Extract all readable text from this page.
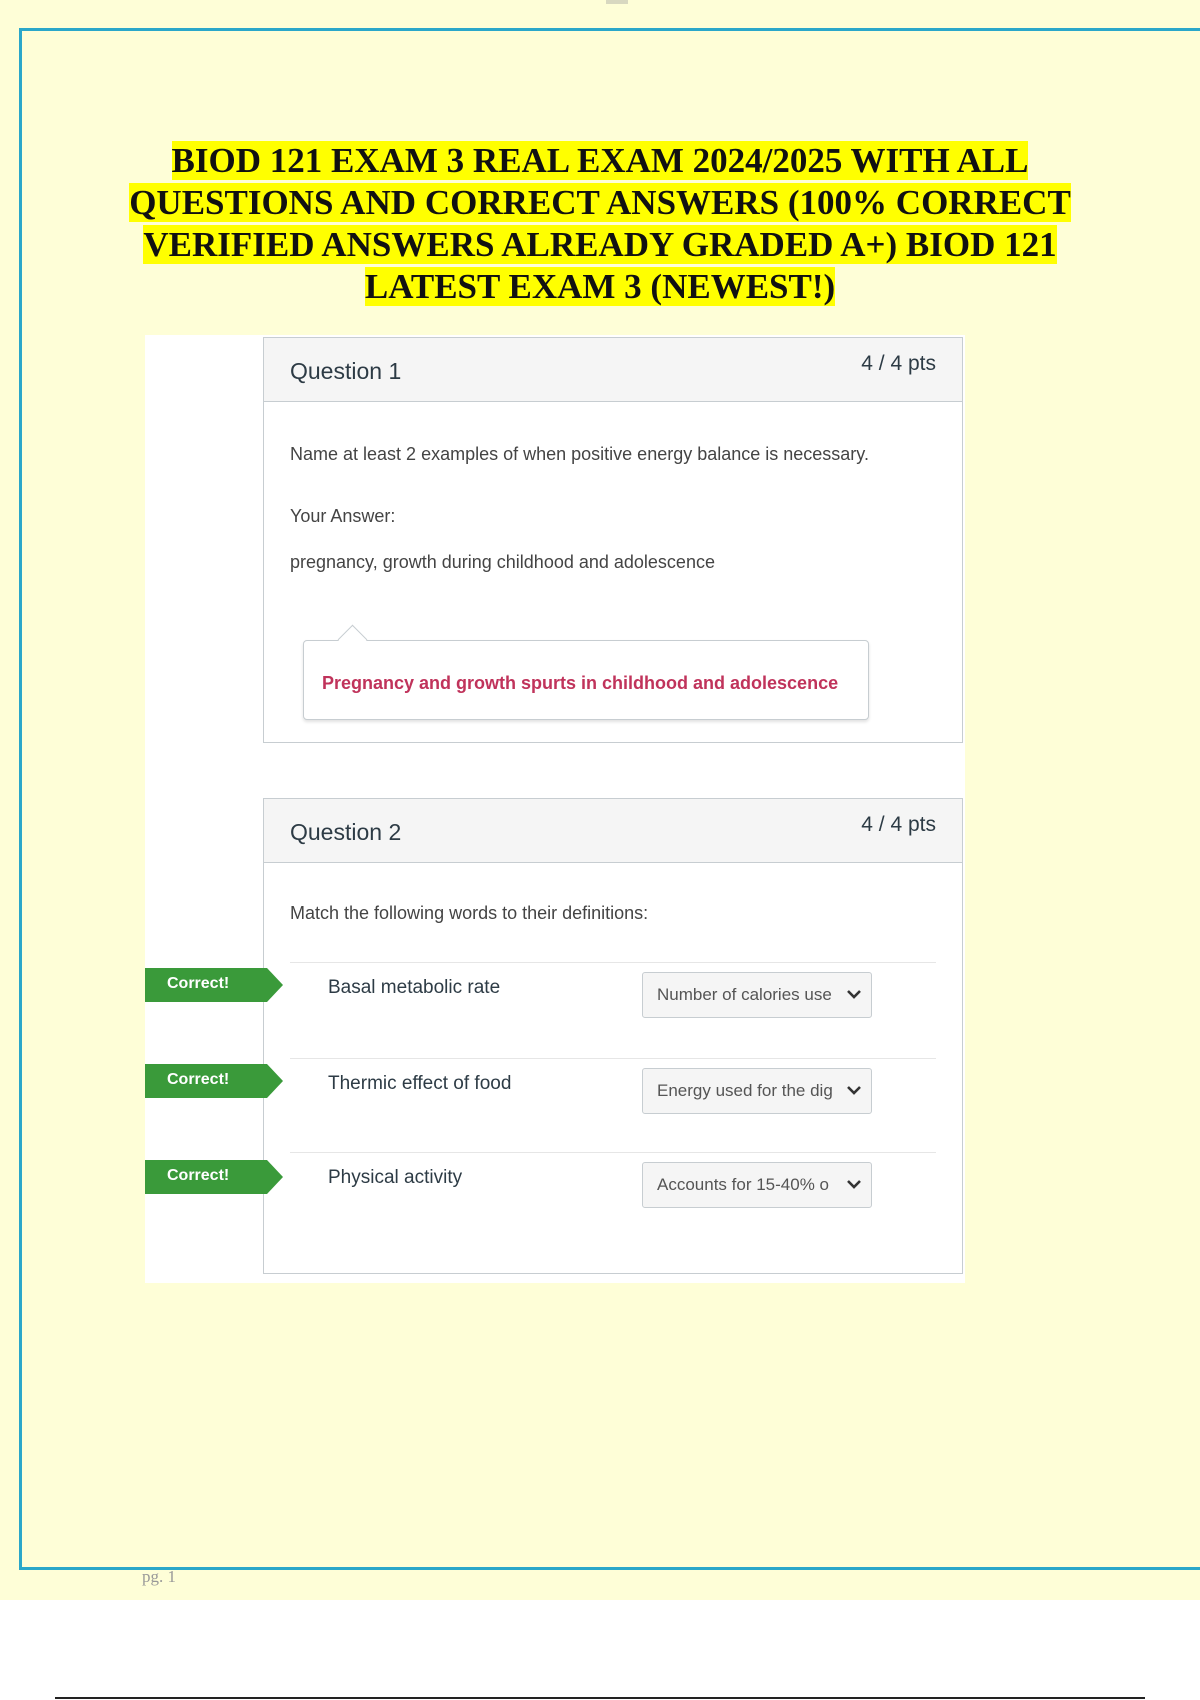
BIOD 121 EXAM 3 REAL EXAM 2024/2025 WITH ALL QUESTIONS AND CORRECT ANSWERS (100% CORRECT VERIFIED ANSWERS ALREADY GRADED A+) BIOD 121 LATEST EXAM 3 (NEWEST!)
Question 1	4 / 4 pts
Name at least 2 examples of when positive energy balance is necessary.
Your Answer:
pregnancy, growth during childhood and adolescence
Pregnancy and growth spurts in childhood and adolescence
Question 2	4 / 4 pts
Match the following words to their definitions:
Basal metabolic rate	Number of calories use
Thermic effect of food	Energy used for the dig
Physical activity	Accounts for 15-40% o
Correct!
Correct!
Correct!
pg. 1
